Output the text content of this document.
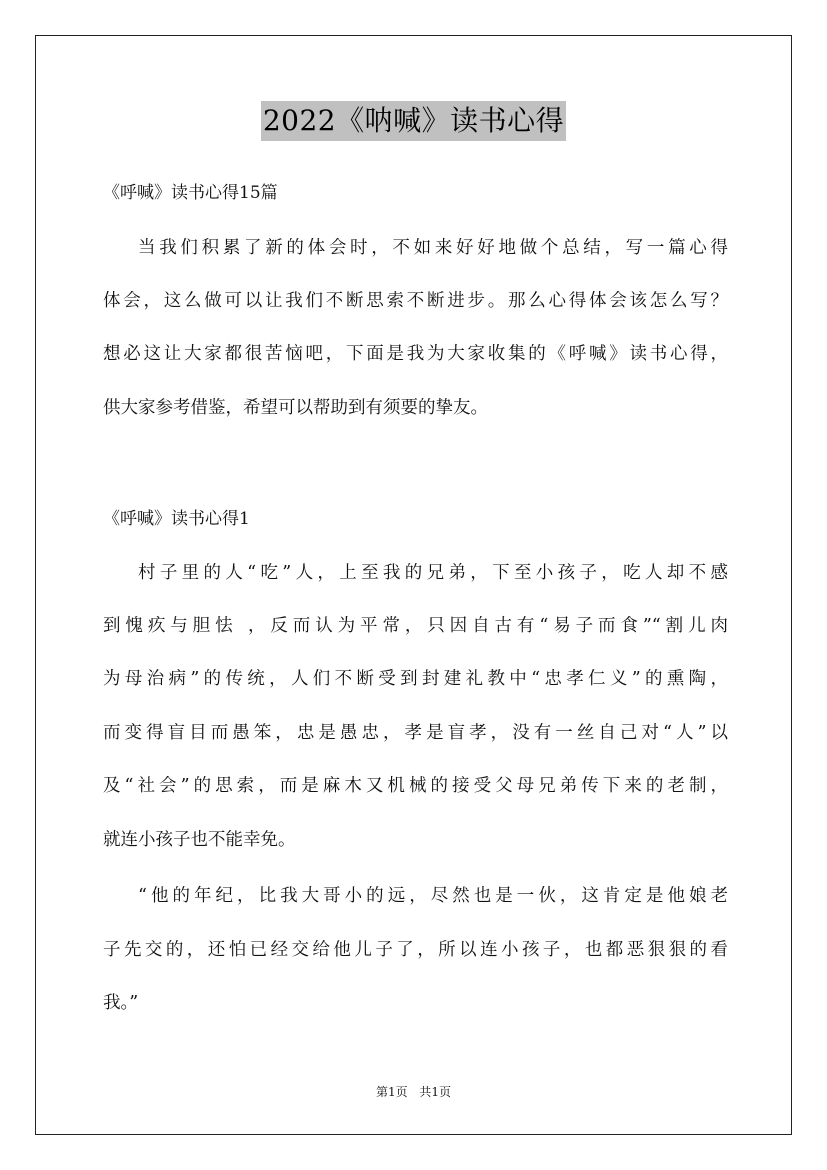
2022《呐喊》读书心得
《呼喊》读书心得15篇
当我们积累了新的体会时，不如来好好地做个总结，写一篇心得
体会，这么做可以让我们不断思索不断进步。那么心得体会该怎么写？
想必这让大家都很苦恼吧，下面是我为大家收集的《呼喊》读书心得，
供大家参考借鉴，希望可以帮助到有须要的挚友。
《呼喊》读书心得1
村子里的人“吃”人，上至我的兄弟，下至小孩子，吃人却不感
到愧疚与胆怯 ，反而认为平常，只因自古有“易子而食”“割儿肉
为母治病”的传统，人们不断受到封建礼教中“忠孝仁义”的熏陶，
而变得盲目而愚笨，忠是愚忠，孝是盲孝，没有一丝自己对“人”以
及“社会”的思索，而是麻木又机械的接受父母兄弟传下来的老制，
就连小孩子也不能幸免。
“他的年纪，比我大哥小的远，尽然也是一伙，这肯定是他娘老
子先交的，还怕已经交给他儿子了，所以连小孩子，也都恶狠狠的看
我。”
第1页 共1页
